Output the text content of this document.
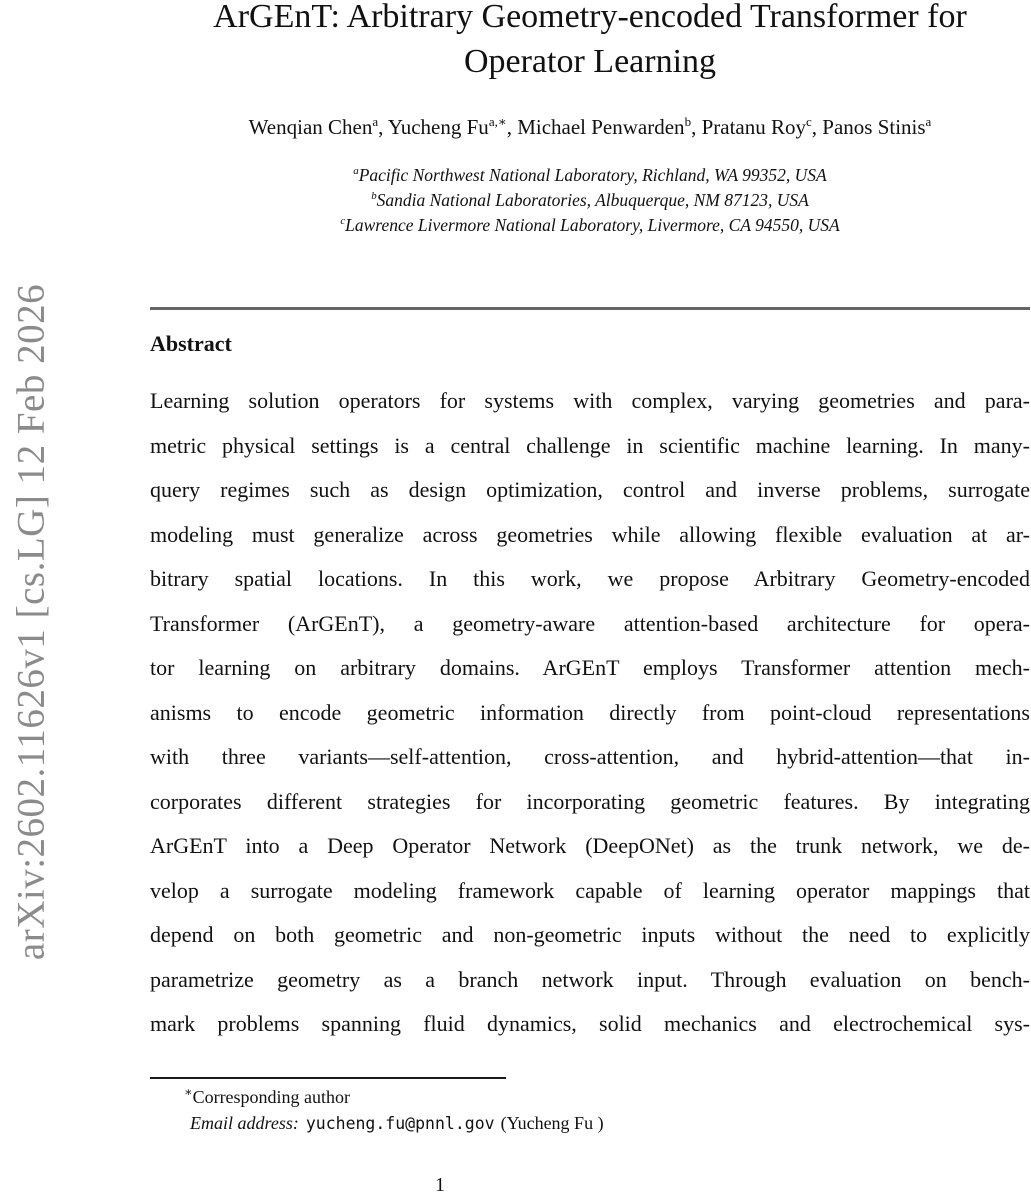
arXiv:2602.11626v1 [cs.LG] 12 Feb 2026
ArGEnT: Arbitrary Geometry-encoded Transformer for
Operator Learning
Wenqian Chen$^a$, Yucheng $Fu^{a,∗}$, Michael Penwarden$^b$, Pratanu Roy$^c$, Panos Stinis$^a$
$^a$Pacific Northwest National Laboratory, Richland, WA 99352, USA
$^b$Sandia National Laboratories, Albuquerque, NM 87123, USA
$^c$Lawrence Livermore National Laboratory, Livermore, CA 94550, USA
Abstract
Learning solution operators for systems with complex, varying geometries and para-
metric physical settings is a central challenge in scientific machine learning. In many-
query regimes such as design optimization, control and inverse problems, surrogate
modeling must generalize across geometries while allowing flexible evaluation at ar-
bitrary spatial locations. In this work, we propose Arbitrary Geometry-encoded
Transformer (ArGEnT), a geometry-aware attention-based architecture for opera-
tor learning on arbitrary domains. ArGEnT employs Transformer attention mech-
anisms to encode geometric information directly from point-cloud representations
with three variants—self-attention, cross-attention, and hybrid-attention—that in-
corporates different strategies for incorporating geometric features. By integrating
ArGEnT into a Deep Operator Network (DeepONet) as the trunk network, we de-
velop a surrogate modeling framework capable of learning operator mappings that
depend on both geometric and non-geometric inputs without the need to explicitly
parametrize geometry as a branch network input. Through evaluation on bench-
mark problems spanning fluid dynamics, solid mechanics and electrochemical sys-
∗Corresponding author
Email address: yucheng.fu@pnnl.gov (Yucheng Fu )
1
